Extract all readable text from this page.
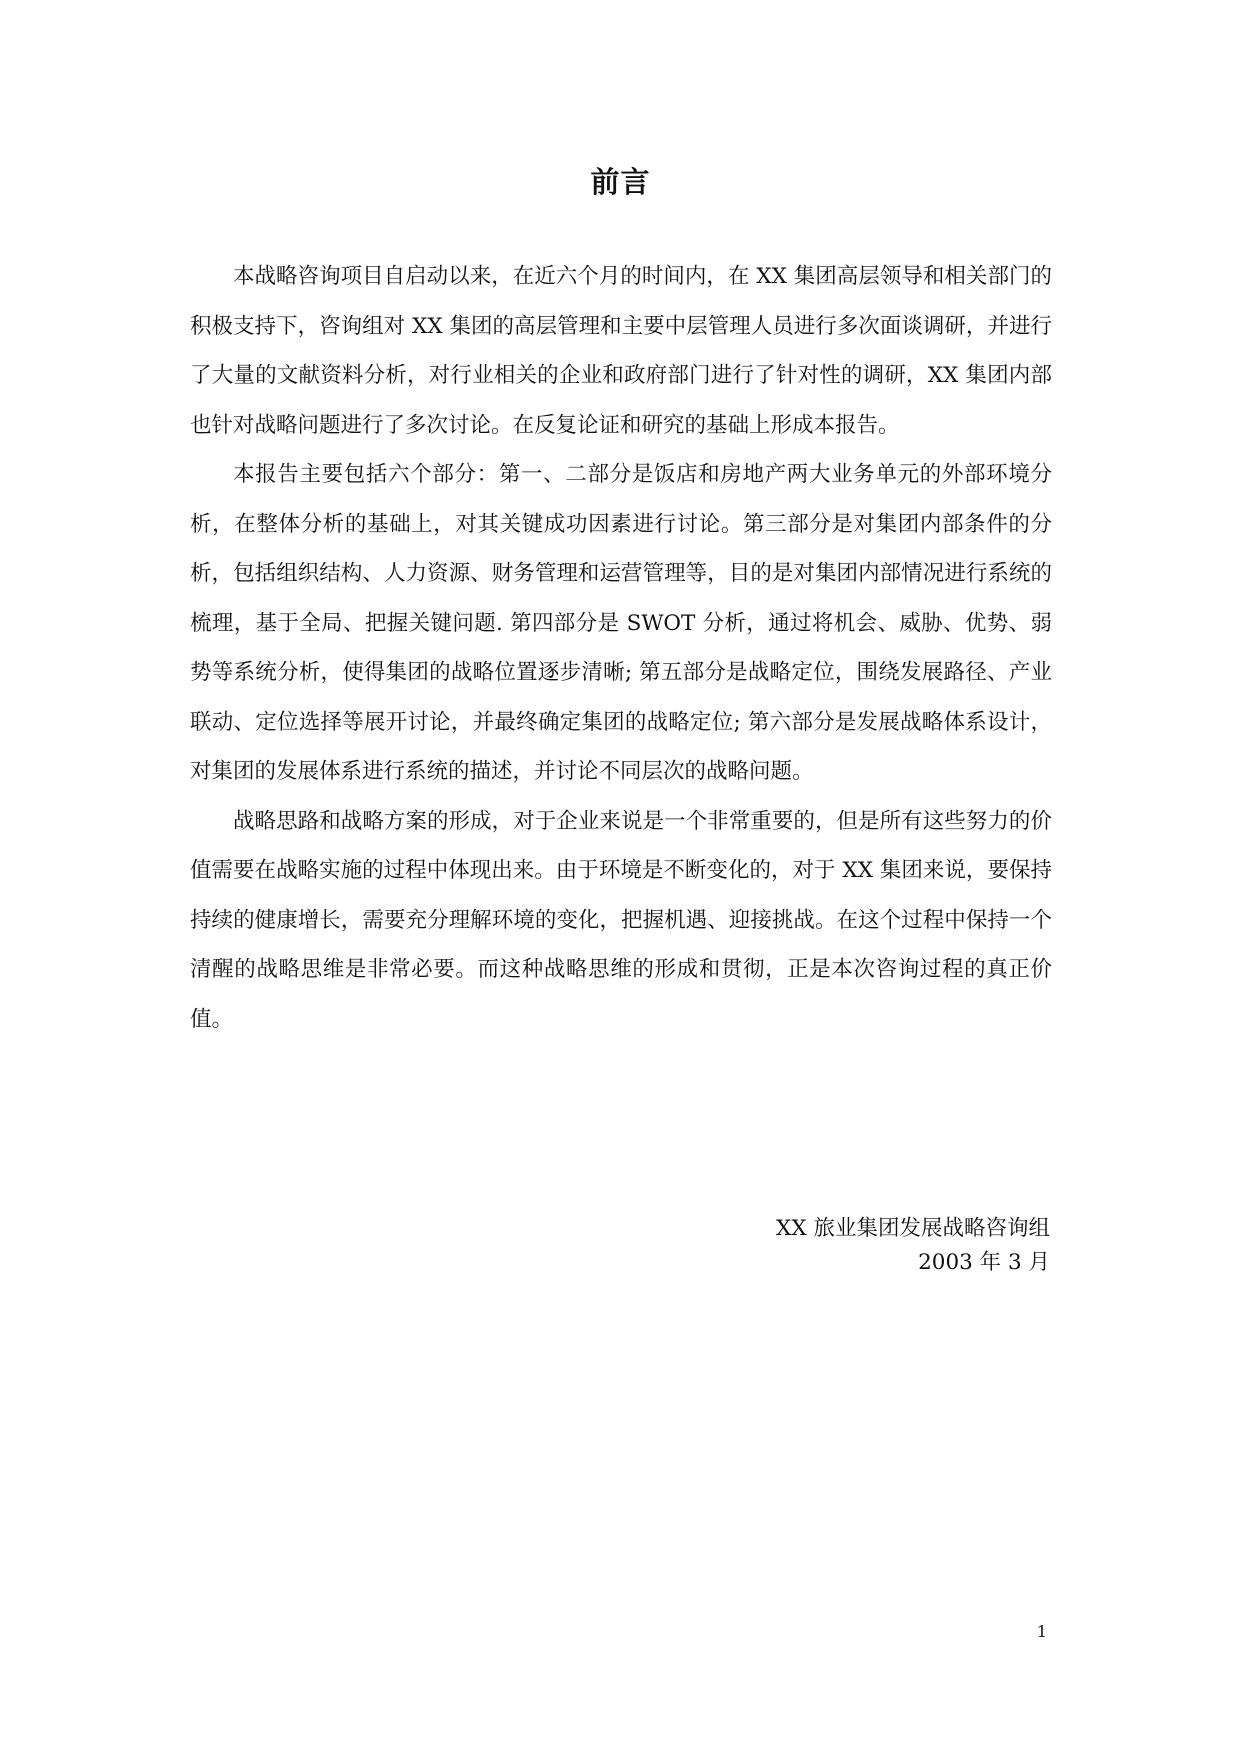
前言

本战略咨询项目自启动以来，在近六个月的时间内，在 XX 集团高层领导和相关部门的积极支持下，咨询组对 XX 集团的高层管理和主要中层管理人员进行多次面谈调研，并进行了大量的文献资料分析，对行业相关的企业和政府部门进行了针对性的调研，XX 集团内部也针对战略问题进行了多次讨论。在反复论证和研究的基础上形成本报告。

本报告主要包括六个部分：第一、二部分是饭店和房地产两大业务单元的外部环境分析，在整体分析的基础上，对其关键成功因素进行讨论。第三部分是对集团内部条件的分析，包括组织结构、人力资源、财务管理和运营管理等，目的是对集团内部情况进行系统的梳理，基于全局、把握关键问题. 第四部分是 SWOT 分析，通过将机会、威胁、优势、弱势等系统分析，使得集团的战略位置逐步清晰; 第五部分是战略定位，围绕发展路径、产业联动、定位选择等展开讨论，并最终确定集团的战略定位; 第六部分是发展战略体系设计，对集团的发展体系进行系统的描述，并讨论不同层次的战略问题。

战略思路和战略方案的形成，对于企业来说是一个非常重要的，但是所有这些努力的价值需要在战略实施的过程中体现出来。由于环境是不断变化的，对于 XX 集团来说，要保持持续的健康增长，需要充分理解环境的变化，把握机遇、迎接挑战。在这个过程中保持一个清醒的战略思维是非常必要。而这种战略思维的形成和贯彻，正是本次咨询过程的真正价值。

XX 旅业集团发展战略咨询组
2003 年 3 月
1
